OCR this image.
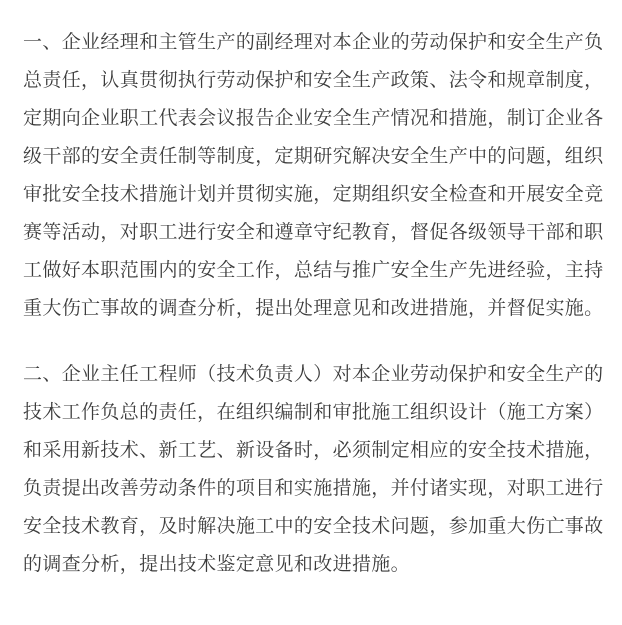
一、企业经理和主管生产的副经理对本企业的劳动保护和安全生产负
总责任，认真贯彻执行劳动保护和安全生产政策、法令和规章制度，
定期向企业职工代表会议报告企业安全生产情况和措施，制订企业各
级干部的安全责任制等制度，定期研究解决安全生产中的问题，组织
审批安全技术措施计划并贯彻实施，定期组织安全检查和开展安全竞
赛等活动，对职工进行安全和遵章守纪教育，督促各级领导干部和职
工做好本职范围内的安全工作，总结与推广安全生产先进经验，主持
重大伤亡事故的调查分析，提出处理意见和改进措施，并督促实施。
二、企业主任工程师（技术负责人）对本企业劳动保护和安全生产的
技术工作负总的责任，在组织编制和审批施工组织设计（施工方案）
和采用新技术、新工艺、新设备时，必须制定相应的安全技术措施，
负责提出改善劳动条件的项目和实施措施，并付诸实现，对职工进行
安全技术教育，及时解决施工中的安全技术问题，参加重大伤亡事故
的调查分析，提出技术鉴定意见和改进措施。
